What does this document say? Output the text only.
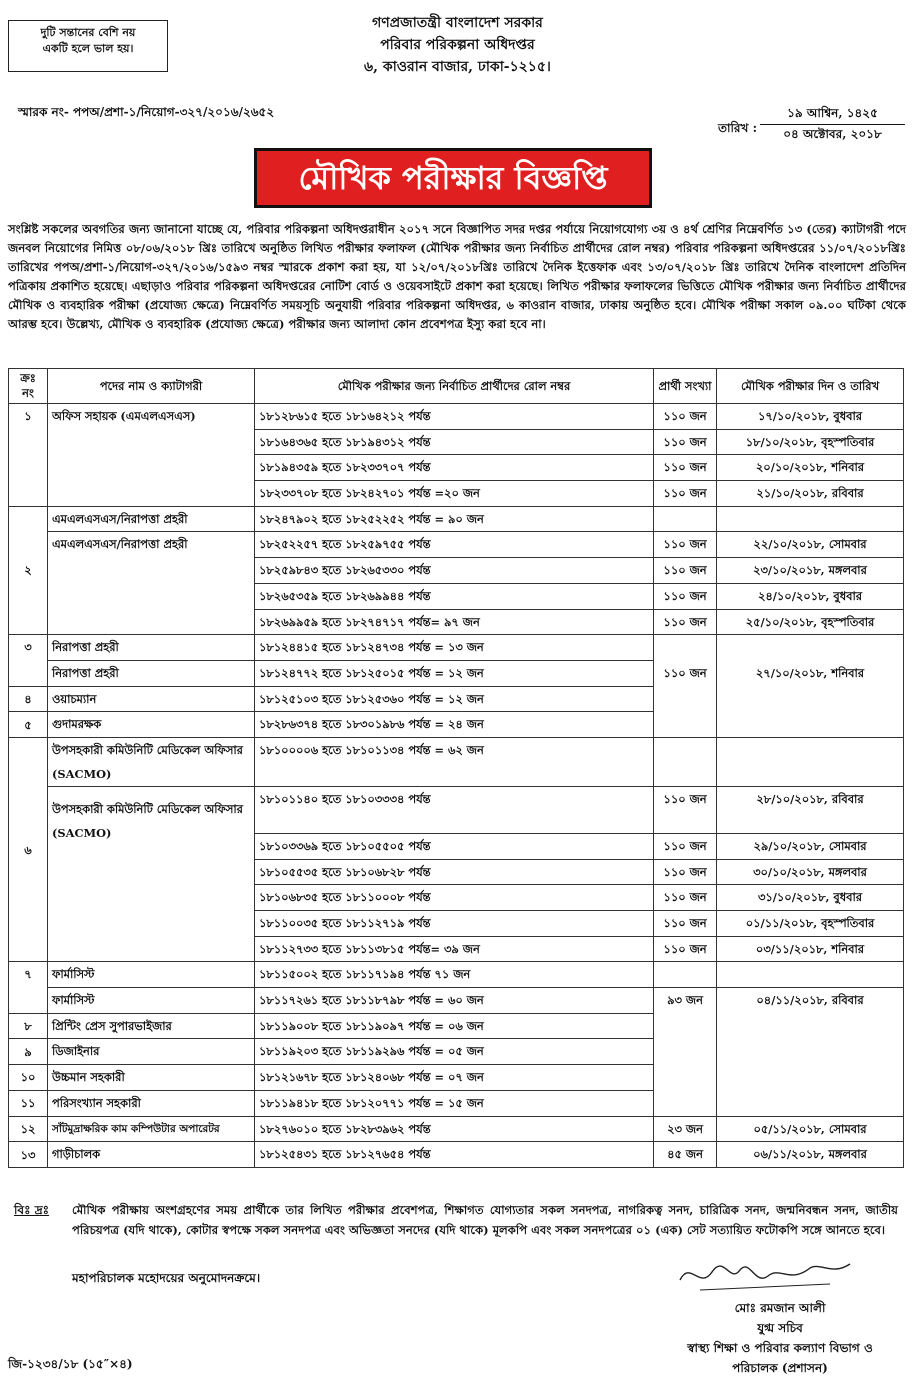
দুটি সন্তানের বেশি নয়
একটি হলে ভাল হয়।
গণপ্রজাতন্ত্রী বাংলাদেশ সরকার
পরিবার পরিকল্পনা অধিদপ্তর
৬, কাওরান বাজার, ঢাকা-১২১৫।
স্মারক নং- পপঅ/প্রশা-১/নিয়োগ-৩২৭/২০১৬/২৬৫২
তারিখ :
১৯ আশ্বিন, ১৪২৫
০৪ অক্টোবর, ২০১৮
মৌখিক পরীক্ষার বিজ্ঞপ্তি
সংশ্লিষ্ট সকলের অবগতির জন্য জানানো যাচ্ছে যে, পরিবার পরিকল্পনা অধিদপ্তরাধীন ২০১৭ সনে বিজ্ঞাপিত সদর দপ্তর পর্যায়ে নিয়োগযোগ্য ৩য় ও ৪র্থ শ্রেণির নিম্নেবর্ণিত ১৩ (তের) ক্যাটাগরী পদে জনবল নিয়োগের নিমিত্ত ০৮/০৬/২০১৮ খ্রিঃ তারিখে অনুষ্ঠিত লিখিত পরীক্ষার ফলাফল (মৌখিক পরীক্ষার জন্য নির্বাচিত প্রার্থীদের রোল নম্বর) পরিবার পরিকল্পনা অধিদপ্তরের ১১/০৭/২০১৮খ্রিঃ তারিখের পপঅ/প্রশা-১/নিয়োগ-৩২৭/২০১৬/১৫৯৩ নম্বর স্মারকে প্রকাশ করা হয়, যা ১২/০৭/২০১৮খ্রিঃ তারিখে দৈনিক ইত্তেফাক এবং ১৩/০৭/২০১৮ খ্রিঃ তারিখে দৈনিক বাংলাদেশ প্রতিদিন পত্রিকায় প্রকাশিত হয়েছে। এছাড়াও পরিবার পরিকল্পনা অধিদপ্তরের নোটিশ বোর্ড ও ওয়েবসাইটে প্রকাশ করা হয়েছে। লিখিত পরীক্ষার ফলাফলের ভিত্তিতে মৌখিক পরীক্ষার জন্য নির্বাচিত প্রার্থীদের মৌখিক ও ব্যবহারিক পরীক্ষা (প্রযোজ্য ক্ষেত্রে) নিম্নেবর্ণিত সময়সূচি অনুযায়ী পরিবার পরিকল্পনা অধিদপ্তর, ৬ কাওরান বাজার, ঢাকায় অনুষ্ঠিত হবে। মৌখিক পরীক্ষা সকাল ০৯.০০ ঘটিকা থেকে আরম্ভ হবে। উল্লেখ্য, মৌখিক ও ব্যবহারিক (প্রযোজ্য ক্ষেত্রে) পরীক্ষার জন্য আলাদা কোন প্রবেশপত্র ইস্যু করা হবে না।
ক্রঃ নং	পদের নাম ও ক্যাটাগরী	মৌখিক পরীক্ষার জন্য নির্বাচিত প্রার্থীদের রোল নম্বর	প্রার্থী সংখ্যা	মৌখিক পরীক্ষার দিন ও তারিখ
১	অফিস সহায়ক (এমএলএসএস)	১৮১২৮৬১৫ হতে ১৮১৬৪২১২ পর্যন্ত	১১০ জন	১৭/১০/২০১৮, বুধবার
		১৮১৬৪৩৬৫ হতে ১৮১৯৪৩১২ পর্যন্ত	১১০ জন	১৮/১০/২০১৮, বৃহস্পতিবার
		১৮১৯৪৩৫৯ হতে ১৮২৩৩৭০৭ পর্যন্ত	১১০ জন	২০/১০/২০১৮, শনিবার
		১৮২৩৩৭০৮ হতে ১৮২৪২৭০১ পর্যন্ত =২০ জন	১১০ জন	২১/১০/২০১৮, রবিবার
২	এমএলএসএস/নিরাপত্তা প্রহরী	১৮২৪৭৯০২ হতে ১৮২৫২২৫২ পর্যন্ত = ৯০ জন		
	এমএলএসএস/নিরাপত্তা প্রহরী	১৮২৫২২৫৭ হতে ১৮২৫৯৭৫৫ পর্যন্ত	১১০ জন	২২/১০/২০১৮, সোমবার
		১৮২৫৯৮৪৩ হতে ১৮২৬৫৩৩০ পর্যন্ত	১১০ জন	২৩/১০/২০১৮, মঙ্গলবার
		১৮২৬৫৩৫৯ হতে ১৮২৬৯৯৪৪ পর্যন্ত	১১০ জন	২৪/১০/২০১৮, বুধবার
		১৮২৬৯৯৫৯ হতে ১৮২৭৪৭১৭ পর্যন্ত= ৯৭ জন	১১০ জন	২৫/১০/২০১৮, বৃহস্পতিবার
৩	নিরাপত্তা প্রহরী	১৮১২৪৪১৫ হতে ১৮১২৪৭৩৪ পর্যন্ত = ১৩ জন	১১০ জন	২৭/১০/২০১৮, শনিবার

	নিরাপত্তা প্রহরী	১৮১২৪৭৭২ হতে ১৮১২৫০১৫ পর্যন্ত = ১২ জন		
৪	ওয়াচম্যান	১৮১২৫১০৩ হতে ১৮১২৫৩৬০ পর্যন্ত = ১২ জন		
৫	গুদামরক্ষক	১৮২৮৬৩৭৪ হতে ১৮৩০১৯৮৬ পর্যন্ত = ২৪ জন		
৬	উপসহকারী কমিউনিটি মেডিকেল অফিসার (SACMO)	১৮১০০০০৬ হতে ১৮১০১১৩৪ পর্যন্ত = ৬২ জন		
	উপসহকারী কমিউনিটি মেডিকেল অফিসার (SACMO)	১৮১০১১৪০ হতে ১৮১০৩৩৩৪ পর্যন্ত	১১০ জন	২৮/১০/২০১৮, রবিবার
		১৮১০৩৩৬৯ হতে ১৮১০৫৫০৫ পর্যন্ত	১১০ জন	২৯/১০/২০১৮, সোমবার
		১৮১০৫৫৩৫ হতে ১৮১০৬৮২৮ পর্যন্ত	১১০ জন	৩০/১০/২০১৮, মঙ্গলবার
		১৮১০৬৮৩৫ হতে ১৮১১০০০৮ পর্যন্ত	১১০ জন	৩১/১০/২০১৮, বুধবার
		১৮১১০০৩৫ হতে ১৮১১২৭১৯ পর্যন্ত	১১০ জন	০১/১১/২০১৮, বৃহস্পতিবার
		১৮১১২৭৩৩ হতে ১৮১১৩৮১৫ পর্যন্ত= ৩৯ জন	১১০ জন	০৩/১১/২০১৮, শনিবার
৭	ফার্মাসিস্ট	১৮১১৫০০২ হতে ১৮১১৭১৯৪ পর্যন্ত ৭১ জন		
	ফার্মাসিস্ট	১৮১১৭২৬১ হতে ১৮১১৮৭৯৮ পর্যন্ত = ৬০ জন	৯৩ জন	০৪/১১/২০১৮, রবিবার
৮	প্রিন্টিং প্রেস সুপারভাইজার	১৮১১৯০০৮ হতে ১৮১১৯০৯৭ পর্যন্ত = ০৬ জন		
৯	ডিজাইনার	১৮১১৯২০৩ হতে ১৮১১৯২৯৬ পর্যন্ত = ০৫ জন		
১০	উচ্চমান সহকারী	১৮১২১৬৭৮ হতে ১৮১২৪০৬৮ পর্যন্ত = ০৭ জন		
১১	পরিসংখ্যান সহকারী	১৮১১৯৪১৮ হতে ১৮১২০৭৭১ পর্যন্ত = ১৫ জন		
১২	সাঁটমুদ্রাক্ষরিক কাম কম্পিউটার অপারেটর	১৮২৭৬০১০ হতে ১৮২৮৩৯৬২ পর্যন্ত	২৩ জন	০৫/১১/২০১৮, সোমবার
১৩	গাড়ীচালক	১৮১২৫৪৩১ হতে ১৮১২৭৬৫৪ পর্যন্ত	৪৫ জন	০৬/১১/২০১৮, মঙ্গলবার
বিঃ দ্রঃ মৌখিক পরীক্ষায় অংশগ্রহণের সময় প্রার্থীকে তার লিখিত পরীক্ষার প্রবেশপত্র, শিক্ষাগত যোগ্যতার সকল সনদপত্র, নাগরিকত্ব সনদ, চারিত্রিক সনদ, জন্মনিবন্ধন সনদ, জাতীয় পরিচয়পত্র (যদি থাকে), কোটার স্বপক্ষে সকল সনদপত্র এবং অভিজ্ঞতা সনদের (যদি থাকে) মূলকপি এবং সকল সনদপত্রের ০১ (এক) সেট সত্যায়িত ফটোকপি সঙ্গে আনতে হবে।
মহাপরিচালক মহোদয়ের অনুমোদনক্রমে।
মোঃ রমজান আলী
যুগ্ম সচিব
স্বাস্থ্য শিক্ষা ও পরিবার কল্যাণ বিভাগ ও
পরিচালক (প্রশাসন)
জি-১২৩৪/১৮ (১৫″×৪)
